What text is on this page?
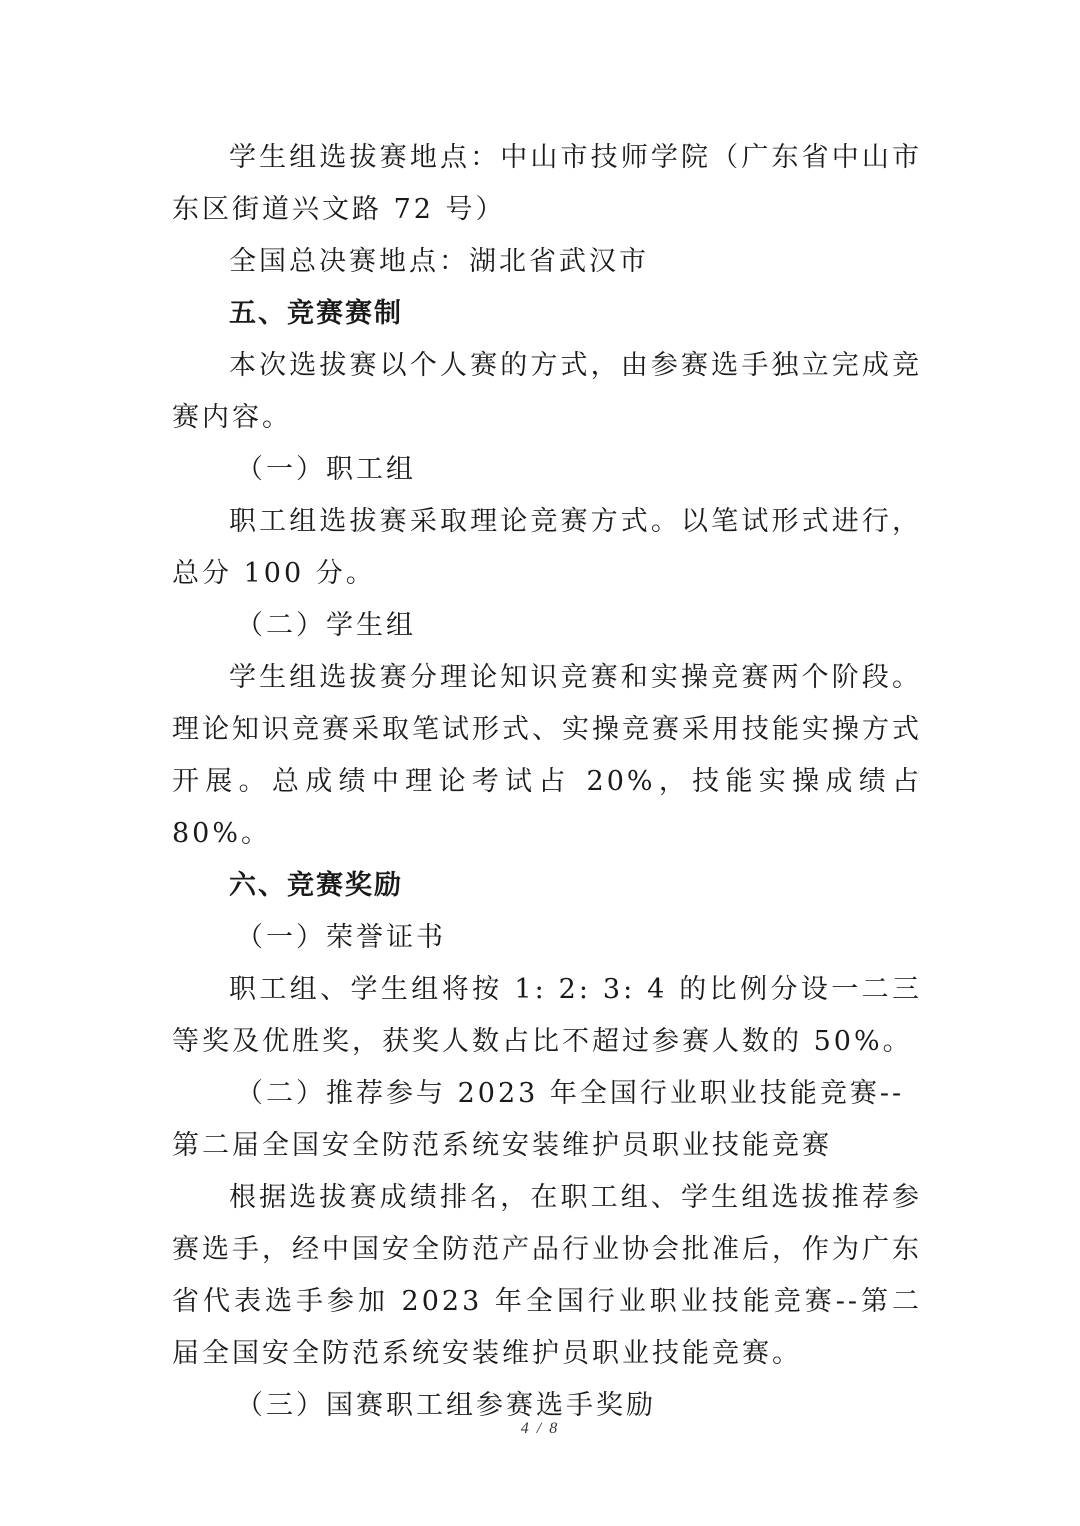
学生组选拔赛地点：中山市技师学院（广东省中山市东区街道兴文路 72 号）

全国总决赛地点：湖北省武汉市

五、竞赛赛制

本次选拔赛以个人赛的方式，由参赛选手独立完成竞赛内容。

（一）职工组

职工组选拔赛采取理论竞赛方式。以笔试形式进行，总分 100 分。

（二）学生组

学生组选拔赛分理论知识竞赛和实操竞赛两个阶段。理论知识竞赛采取笔试形式、实操竞赛采用技能实操方式开展。总成绩中理论考试占 20%，技能实操成绩占 80%。

六、竞赛奖励

（一）荣誉证书

职工组、学生组将按 1: 2: 3: 4 的比例分设一二三等奖及优胜奖，获奖人数占比不超过参赛人数的 50%。

（二）推荐参与 2023 年全国行业职业技能竞赛--第二届全国安全防范系统安装维护员职业技能竞赛

根据选拔赛成绩排名，在职工组、学生组选拔推荐参赛选手，经中国安全防范产品行业协会批准后，作为广东省代表选手参加 2023 年全国行业职业技能竞赛--第二届全国安全防范系统安装维护员职业技能竞赛。

（三）国赛职工组参赛选手奖励

4 / 8
